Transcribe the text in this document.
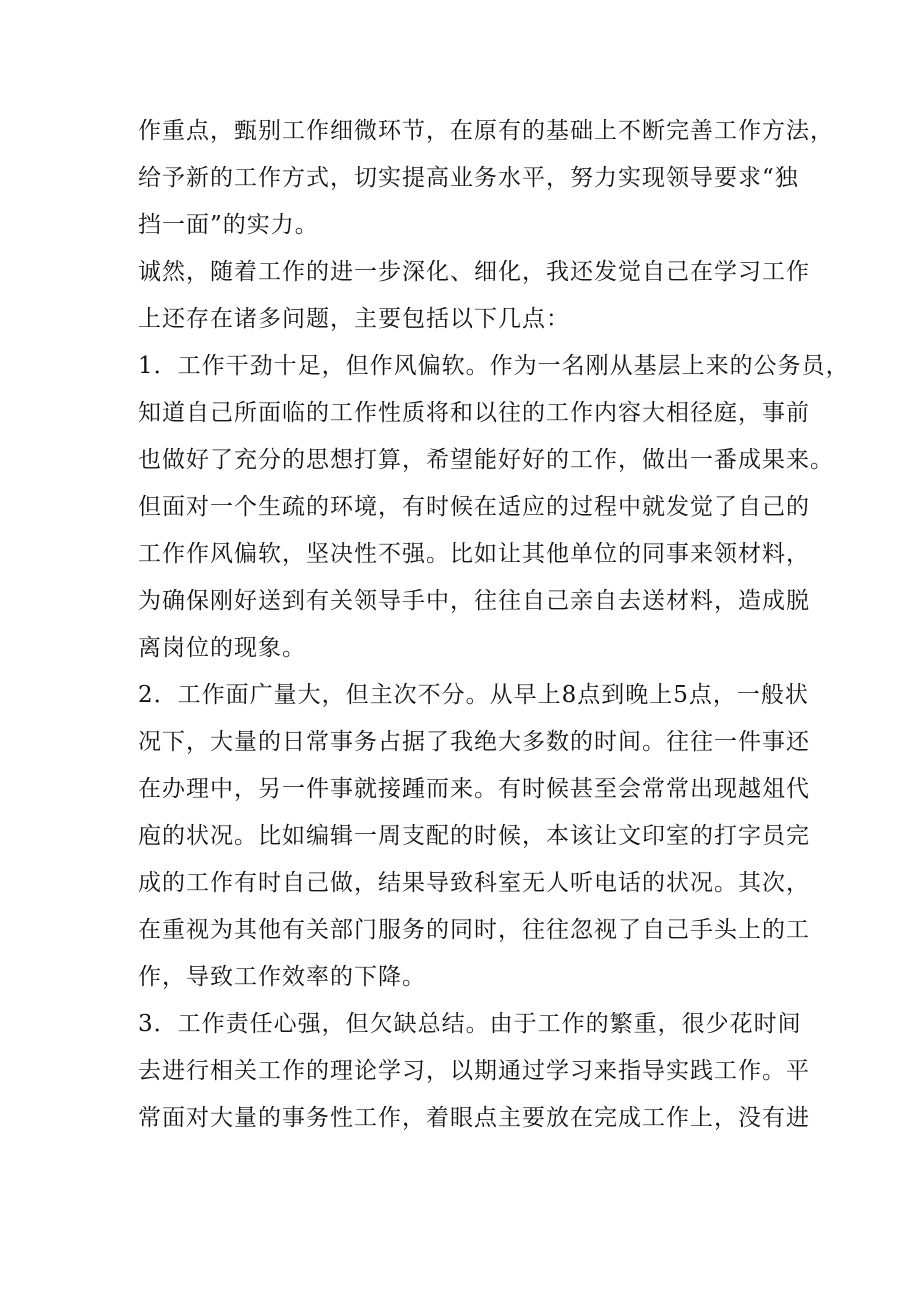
作重点，甄别工作细微环节，在原有的基础上不断完善工作方法，
给予新的工作方式，切实提高业务水平，努力实现领导要求“独
挡一面”的实力。

诚然，随着工作的进一步深化、细化，我还发觉自己在学习工作
上还存在诸多问题，主要包括以下几点：

1．工作干劲十足，但作风偏软。作为一名刚从基层上来的公务员，
知道自己所面临的工作性质将和以往的工作内容大相径庭，事前
也做好了充分的思想打算，希望能好好的工作，做出一番成果来。
但面对一个生疏的环境，有时候在适应的过程中就发觉了自己的
工作作风偏软，坚决性不强。比如让其他单位的同事来领材料，
为确保刚好送到有关领导手中，往往自己亲自去送材料，造成脱
离岗位的现象。

2．工作面广量大，但主次不分。从早上8点到晚上5点，一般状
况下，大量的日常事务占据了我绝大多数的时间。往往一件事还
在办理中，另一件事就接踵而来。有时候甚至会常常出现越俎代
庖的状况。比如编辑一周支配的时候，本该让文印室的打字员完
成的工作有时自己做，结果导致科室无人听电话的状况。其次，
在重视为其他有关部门服务的同时，往往忽视了自己手头上的工
作，导致工作效率的下降。

3．工作责任心强，但欠缺总结。由于工作的繁重，很少花时间
去进行相关工作的理论学习，以期通过学习来指导实践工作。平
常面对大量的事务性工作，着眼点主要放在完成工作上，没有进
